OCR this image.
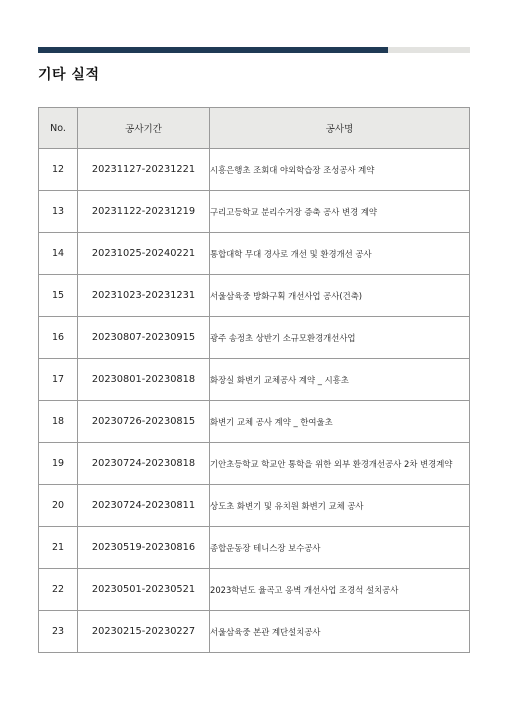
기타 실적
No.	공사기간	공사명
12	20231127-20231221	시흥은행초 조회대 야외학습장 조성공사 계약
13	20231122-20231219	구리고등학교 분리수거장 증축 공사 변경 계약
14	20231025-20240221	통합대학 무대 경사로 개선 및 환경개선 공사
15	20231023-20231231	서울삼육중 방화구획 개선사업 공사(건축)
16	20230807-20230915	광주 송정초 상반기 소규모환경개선사업
17	20230801-20230818	화장실 화변기 교체공사 계약 _ 시흥초
18	20230726-20230815	화변기 교체 공사 계약 _ 한여울초
19	20230724-20230818	기안초등학교 학교안 통학을 위한 외부 환경개선공사 2차 변경계약
20	20230724-20230811	상도초 화변기 및 유치원 화변기 교체 공사
21	20230519-20230816	종합운동장 테니스장 보수공사
22	20230501-20230521	2023학년도 율곡고 옹벽 개선사업 조경석 설치공사
23	20230215-20230227	서울삼육중 본관 계단설치공사
